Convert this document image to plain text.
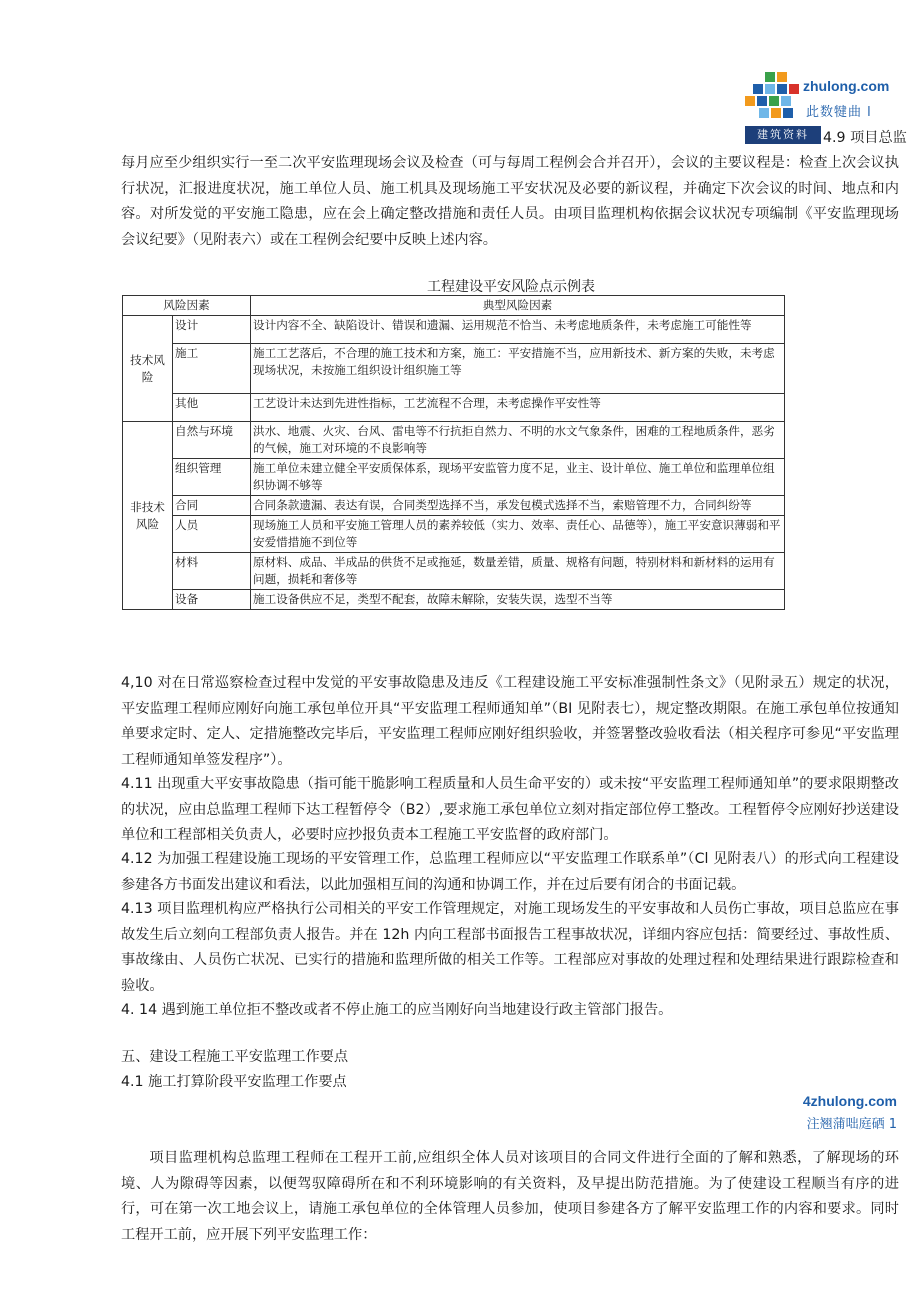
zhulong.com
此数犍曲 l
建筑资料 4.9 项目总监
每月应至少组织实行一至二次平安监理现场会议及检查（可与每周工程例会合并召开），会议的主要议程是：检查上次会议执行状况，汇报进度状况，施工单位人员、施工机具及现场施工平安状况及必要的新议程，并确定下次会议的时间、地点和内容。对所发觉的平安施工隐患，应在会上确定整改措施和责任人员。由项目监理机构依据会议状况专项编制《平安监理现场会议纪要》（见附表六）或在工程例会纪要中反映上述内容。
工程建设平安风险点示例表
风险因素		典型风险因素
技术风险	设计	设计内容不全、缺陷设计、错误和遗漏、运用规范不恰当、未考虑地质条件，未考虑施工可能性等
	施工	施工工艺落后，不合理的施工技术和方案，施工：平安措施不当，应用新技术、新方案的失败，未考虑现场状况，未按施工组织设计组织施工等
	其他	工艺设计未达到先进性指标，工艺流程不合理，未考虑操作平安性等
非技术风险	自然与环境	洪水、地震、火灾、台风、雷电等不行抗拒自然力、不明的水文气象条件，困难的工程地质条件，恶劣的气候，施工对环境的不良影响等
	组织管理	施工单位未建立健全平安质保体系，现场平安监管力度不足，业主、设计单位、施工单位和监理单位组织协调不够等
	合同	合同条款遗漏、表达有误，合同类型选择不当，承发包模式选择不当，索赔管理不力，合同纠纷等
	人员	现场施工人员和平安施工管理人员的素养较低（实力、效率、责任心、品德等），施工平安意识薄弱和平安爱惜措施不到位等
	材料	原材料、成品、半成品的供货不足或拖延，数量差错，质量、规格有问题，特别材料和新材料的运用有问题，损耗和奢侈等
	设备	施工设备供应不足，类型不配套，故障未解除，安装失误，选型不当等
4,10 对在日常巡察检查过程中发觉的平安事故隐患及违反《工程建设施工平安标准强制性条文》（见附录五）规定的状况，平安监理工程师应刚好向施工承包单位开具“平安监理工程师通知单”（BI 见附表七），规定整改期限。在施工承包单位按通知单要求定时、定人、定措施整改完毕后，平安监理工程师应刚好组织验收，并签署整改验收看法（相关程序可参见“平安监理工程师通知单签发程序”）。
4.11 出现重大平安事故隐患（指可能干脆影响工程质量和人员生命平安的）或未按“平安监理工程师通知单”的要求限期整改的状况，应由总监理工程师下达工程暂停令（B2）,要求施工承包单位立刻对指定部位停工整改。工程暂停令应刚好抄送建设单位和工程部相关负责人，必要时应抄报负责本工程施工平安监督的政府部门。
4.12 为加强工程建设施工现场的平安管理工作，总监理工程师应以“平安监理工作联系单”（Cl 见附表八）的形式向工程建设参建各方书面发出建议和看法，以此加强相互间的沟通和协调工作，并在过后要有闭合的书面记载。
4.13 项目监理机构应严格执行公司相关的平安工作管理规定，对施工现场发生的平安事故和人员伤亡事故，项目总监应在事故发生后立刻向工程部负责人报告。并在 12h 内向工程部书面报告工程事故状况，详细内容应包括：简要经过、事故性质、事故缘由、人员伤亡状况、已实行的措施和监理所做的相关工作等。工程部应对事故的处理过程和处理结果进行跟踪检查和验收。
4. 14 遇到施工单位拒不整改或者不停止施工的应当刚好向当地建设行政主管部门报告。
五、建设工程施工平安监理工作要点
4.1 施工打算阶段平安监理工作要点
4zhulong.com
注翘蒲咄庭硒 1
项目监理机构总监理工程师在工程开工前,应组织全体人员对该项目的合同文件进行全面的了解和熟悉，了解现场的环境、人为隙碍等因素，以便驾驭障碍所在和不利环境影响的有关资料，及早提出防范措施。为了使建设工程顺当有序的进行，可在第一次工地会议上，请施工承包单位的全体管理人员参加，使项目参建各方了解平安监理工作的内容和要求。同时工程开工前，应开展下列平安监理工作：
